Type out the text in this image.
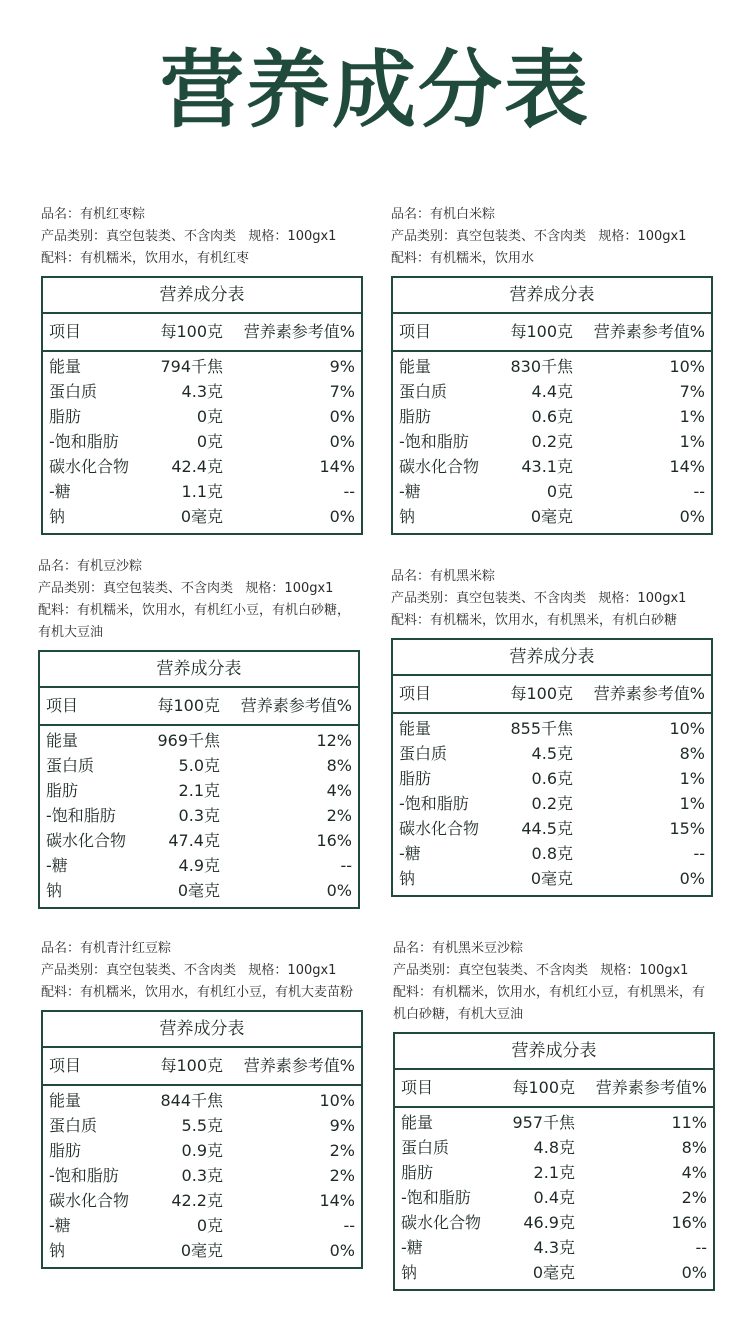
营养成分表
品名：有机红枣粽
产品类别：真空包装类、不含肉类 规格：100gx1
配料：有机糯米，饮用水，有机红枣
营养成分表
项目	每100克	营养素参考值%
能量	794千焦	9%
蛋白质	4.3克	7%
脂肪	0克	0%
-饱和脂肪	0克	0%
碳水化合物	42.4克	14%
-糖	1.1克	--
钠	0毫克	0%
品名：有机白米粽
产品类别：真空包装类、不含肉类 规格：100gx1
配料：有机糯米，饮用水
营养成分表
项目	每100克	营养素参考值%
能量	830千焦	10%
蛋白质	4.4克	7%
脂肪	0.6克	1%
-饱和脂肪	0.2克	1%
碳水化合物	43.1克	14%
-糖	0克	--
钠	0毫克	0%
品名：有机豆沙粽
产品类别：真空包装类、不含肉类 规格：100gx1
配料：有机糯米，饮用水，有机红小豆，有机白砂糖，有机大豆油
营养成分表
项目	每100克	营养素参考值%
能量	969千焦	12%
蛋白质	5.0克	8%
脂肪	2.1克	4%
-饱和脂肪	0.3克	2%
碳水化合物	47.4克	16%
-糖	4.9克	--
钠	0毫克	0%
品名：有机黑米粽
产品类别：真空包装类、不含肉类 规格：100gx1
配料：有机糯米，饮用水，有机黑米，有机白砂糖
营养成分表
项目	每100克	营养素参考值%
能量	855千焦	10%
蛋白质	4.5克	8%
脂肪	0.6克	1%
-饱和脂肪	0.2克	1%
碳水化合物	44.5克	15%
-糖	0.8克	--
钠	0毫克	0%
品名：有机青汁红豆粽
产品类别：真空包装类、不含肉类 规格：100gx1
配料：有机糯米，饮用水，有机红小豆，有机大麦苗粉
营养成分表
项目	每100克	营养素参考值%
能量	844千焦	10%
蛋白质	5.5克	9%
脂肪	0.9克	2%
-饱和脂肪	0.3克	2%
碳水化合物	42.2克	14%
-糖	0克	--
钠	0毫克	0%
品名：有机黑米豆沙粽
产品类别：真空包装类、不含肉类 规格：100gx1
配料：有机糯米，饮用水，有机红小豆，有机黑米，有机白砂糖，有机大豆油
营养成分表
项目	每100克	营养素参考值%
能量	957千焦	11%
蛋白质	4.8克	8%
脂肪	2.1克	4%
-饱和脂肪	0.4克	2%
碳水化合物	46.9克	16%
-糖	4.3克	--
钠	0毫克	0%
